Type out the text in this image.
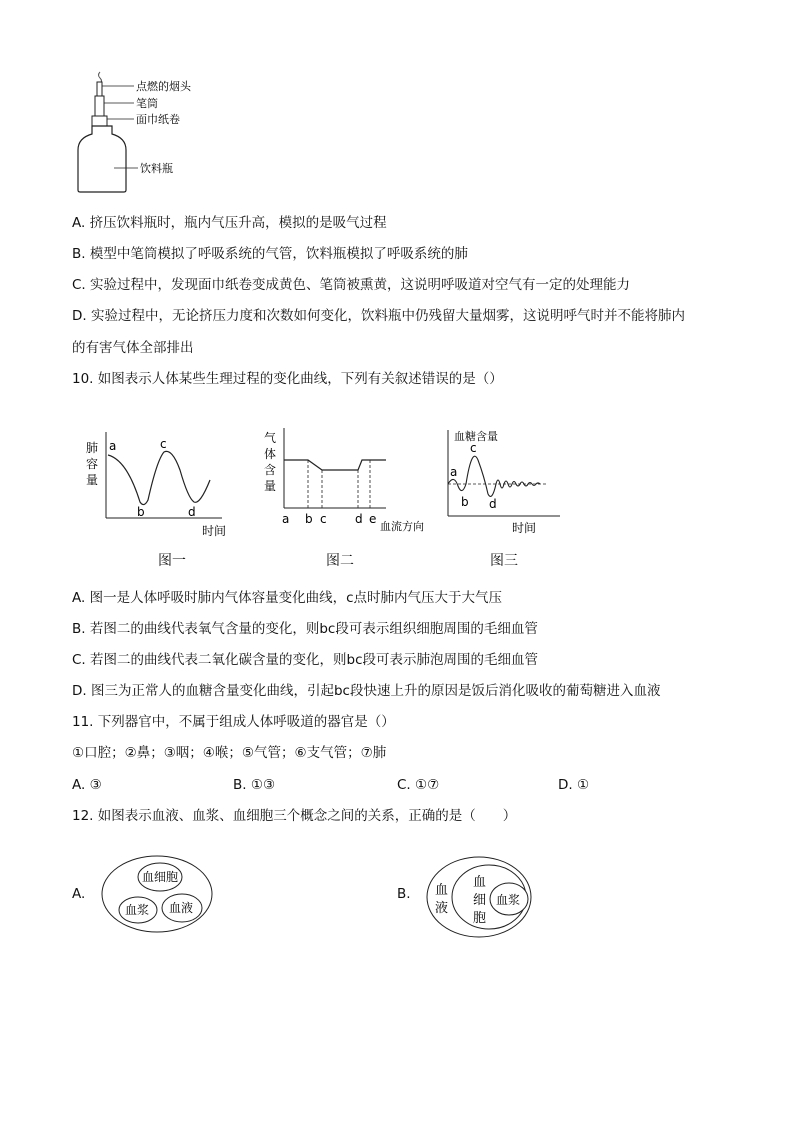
点燃的烟头
笔筒
面巾纸卷
饮料瓶
A. 挤压饮料瓶时，瓶内气压升高，模拟的是吸气过程
B. 模型中笔筒模拟了呼吸系统的气管，饮料瓶模拟了呼吸系统的肺
C. 实验过程中，发现面巾纸卷变成黄色、笔筒被熏黄，这说明呼吸道对空气有一定的处理能力
D. 实验过程中，无论挤压力度和次数如何变化，饮料瓶中仍残留大量烟雾，这说明呼气时并不能将肺内
的有害气体全部排出
10. 如图表示人体某些生理过程的变化曲线，下列有关叙述错误的是（）
肺
容
量
a	c
b	d
时间
图一
气
体
含
量
a b c d e
血流方向
图二
血糖含量
a
c
b d
时间
图三
A. 图一是人体呼吸时肺内气体容量变化曲线，c点时肺内气压大于大气压
B. 若图二的曲线代表氧气含量的变化，则bc段可表示组织细胞周围的毛细血管
C. 若图二的曲线代表二氧化碳含量的变化，则bc段可表示肺泡周围的毛细血管
D. 图三为正常人的血糖含量变化曲线，引起bc段快速上升的原因是饭后消化吸收的葡萄糖进入血液
11. 下列器官中，不属于组成人体呼吸道的器官是（）
①口腔；②鼻；③咽；④喉；⑤气管；⑥支气管；⑦肺
A. ③	B. ①③	C. ①⑦	D. ①
12. 如图表示血液、血浆、血细胞三个概念之间的关系，正确的是（　　）
A.
血细胞
血浆 血液
B. 血
液
血
细
胞
血浆
